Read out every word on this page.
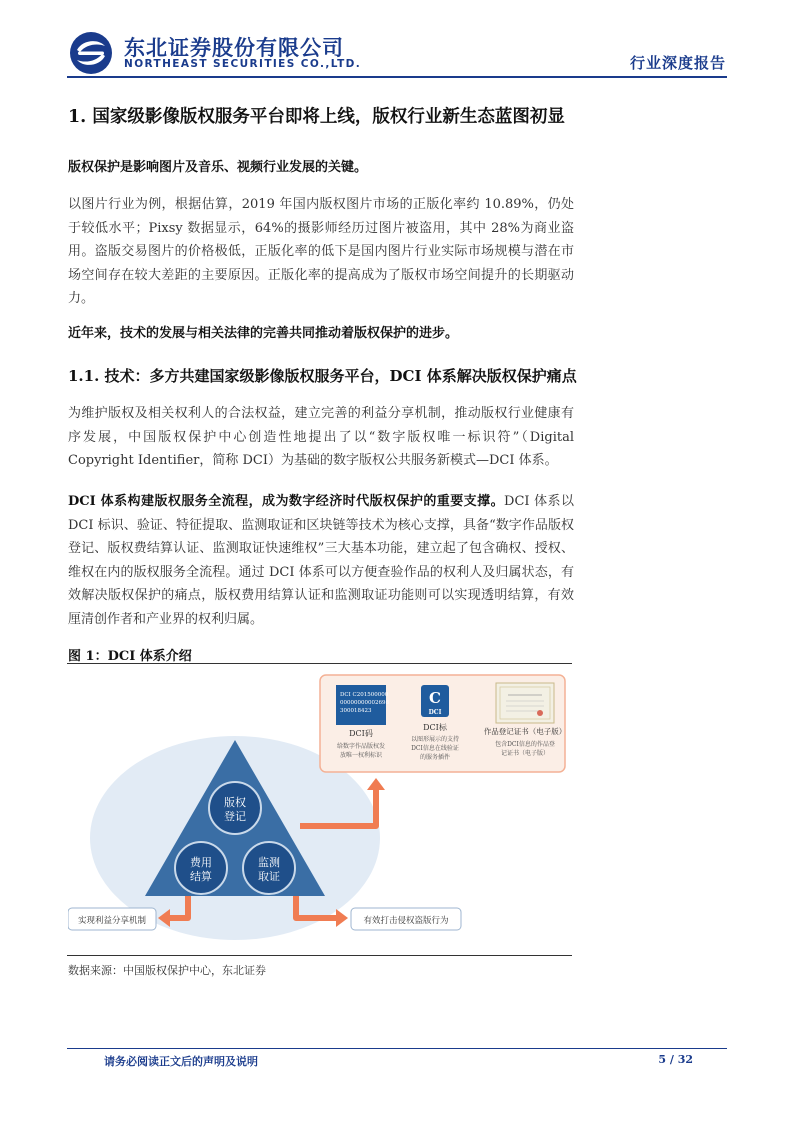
东北证券股份有限公司
NORTHEAST SECURITIES CO.,LTD.	行业深度报告
1. 国家级影像版权服务平台即将上线，版权行业新生态蓝图初显
版权保护是影响图片及音乐、视频行业发展的关键。
以图片行业为例，根据估算，2019 年国内版权图片市场的正版化率约 10.89%，仍处于较低水平；Pixsy 数据显示，64%的摄影师经历过图片被盗用，其中 28%为商业盗用。盗版交易图片的价格极低，正版化率的低下是国内图片行业实际市场规模与潜在市场空间存在较大差距的主要原因。正版化率的提高成为了版权市场空间提升的长期驱动力。
近年来，技术的发展与相关法律的完善共同推动着版权保护的进步。
1.1. 技术：多方共建国家级影像版权服务平台，DCI 体系解决版权保护痛点
为维护版权及相关权利人的合法权益，建立完善的利益分享机制，推动版权行业健康有序发展，中国版权保护中心创造性地提出了以“数字版权唯一标识符”（Digital Copyright Identifier，简称 DCI）为基础的数字版权公共服务新模式—DCI 体系。
DCI 体系构建版权服务全流程，成为数字经济时代版权保护的重要支撑。DCI 体系以 DCI 标识、验证、特征提取、监测取证和区块链等技术为核心支撑，具备“数字作品版权登记、版权费结算认证、监测取证快速维权”三大基本功能，建立起了包含确权、授权、维权在内的版权服务全流程。通过 DCI 体系可以方便查验作品的权利人及归属状态，有效解决版权保护的痛点，版权费用结算认证和监测取证功能则可以实现透明结算，有效厘清创作者和产业界的权利归属。
图 1：DCI 体系介绍
DCI C201500000
00000000002698
300018423
DCI码
给数字作品版权发
放唯一权利标识
C
DCI
DCI标
以图形展示的支持
DCI信息在线验证
的服务插件
作品登记证书（电子版）
包含DCI信息的作品登
记证书（电子版）
版权
登记
费用
结算
监测
取证
实现利益分享机制	有效打击侵权盗版行为
数据来源：中国版权保护中心，东北证券
请务必阅读正文后的声明及说明	5 / 32
